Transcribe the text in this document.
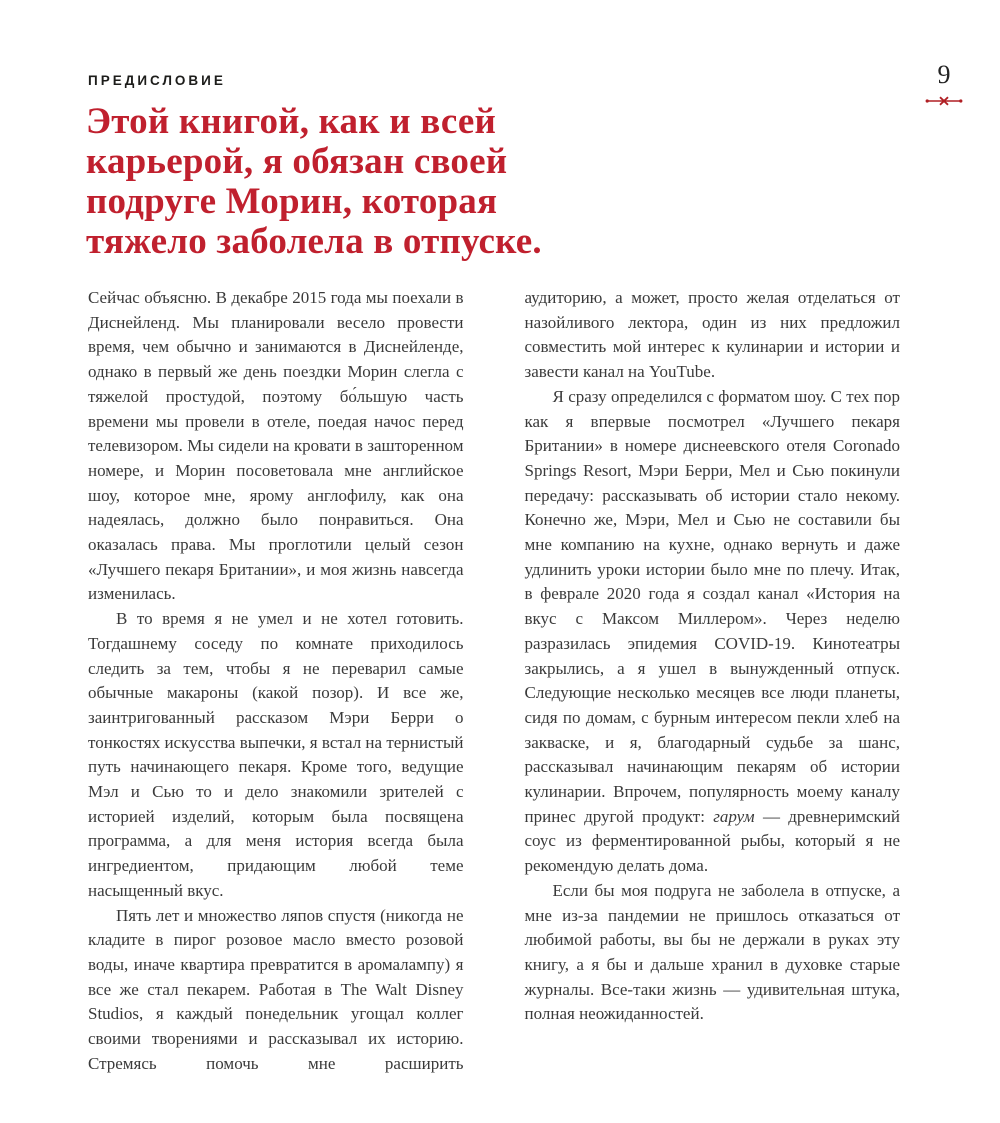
ПРЕДИСЛОВИЕ	9
Этой книгой, как и всей
карьерой, я обязан своей
подруге Морин, которая
тяжело заболела в отпуске.

Сейчас объясню. В декабре 2015 года мы поехали в Диснейленд. Мы планировали весело провести время, чем обычно и занимаются в Диснейленде, однако в первый же день поездки Морин слегла с тяжелой простудой, поэтому бо́льшую часть времени мы провели в отеле, поедая начос перед телевизором. Мы сидели на кровати в зашторенном номере, и Морин посоветовала мне английское шоу, которое мне, ярому англофилу, как она надеялась, должно было понравиться. Она оказалась права. Мы проглотили целый сезон «Лучшего пекаря Британии», и моя жизнь навсегда изменилась.

В то время я не умел и не хотел готовить. Тогдашнему соседу по комнате приходилось следить за тем, чтобы я не переварил самые обычные макароны (какой позор). И все же, заинтригованный рассказом Мэри Берри о тонкостях искусства выпечки, я встал на тернистый путь начинающего пекаря. Кроме того, ведущие Мэл и Сью то и дело знакомили зрителей с историей изделий, которым была посвящена программа, а для меня история всегда была ингредиентом, придающим любой теме насыщенный вкус.

Пять лет и множество ляпов спустя (никогда не кладите в пирог розовое масло вместо розовой воды, иначе квартира превратится в аромалампу) я все же стал пекарем. Работая в The Walt Disney Studios, я каждый понедельник угощал коллег своими творениями и рассказывал их историю. Стремясь помочь мне расширить

аудиторию, а может, просто желая отделаться от назойливого лектора, один из них предложил совместить мой интерес к кулинарии и истории и завести канал на YouTube.

Я сразу определился с форматом шоу. С тех пор как я впервые посмотрел «Лучшего пекаря Британии» в номере диснеевского отеля Coronado Springs Resort, Мэри Берри, Мел и Сью покинули передачу: рассказывать об истории стало некому. Конечно же, Мэри, Мел и Сью не составили бы мне компанию на кухне, однако вернуть и даже удлинить уроки истории было мне по плечу. Итак, в феврале 2020 года я создал канал «История на вкус с Максом Миллером». Через неделю разразилась эпидемия COVID-19. Кинотеатры закрылись, а я ушел в вынужденный отпуск. Следующие несколько месяцев все люди планеты, сидя по домам, с бурным интересом пекли хлеб на закваске, и я, благодарный судьбе за шанс, рассказывал начинающим пекарям об истории кулинарии. Впрочем, популярность моему каналу принес другой продукт: гарум — древнеримский соус из ферментированной рыбы, который я не рекомендую делать дома.

Если бы моя подруга не заболела в отпуске, а мне из-за пандемии не пришлось отказаться от любимой работы, вы бы не держали в руках эту книгу, а я бы и дальше хранил в духовке старые журналы. Все-таки жизнь — удивительная штука, полная неожиданностей.
